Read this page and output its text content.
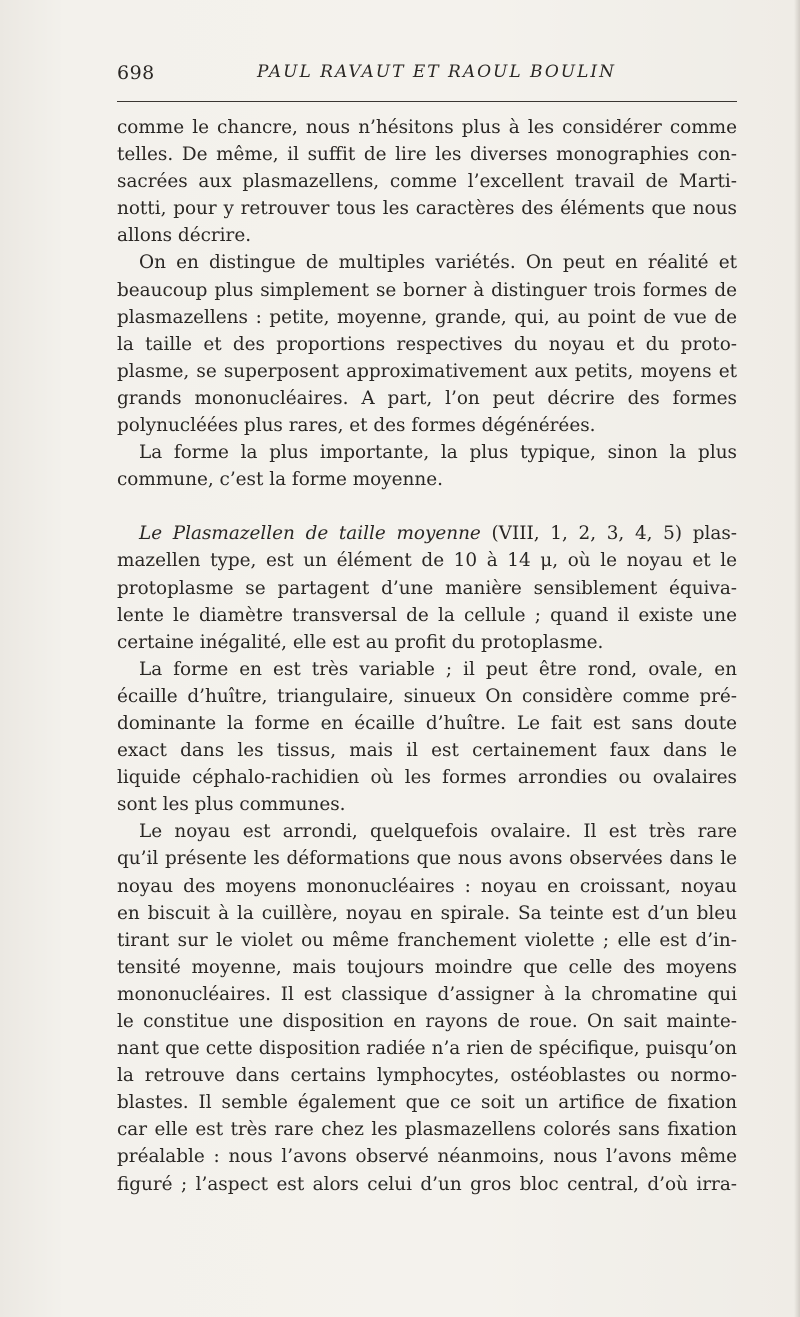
698	PAUL RAVAUT ET RAOUL BOULIN
comme le chancre, nous n’hésitons plus à les considérer comme
telles. De même, il suffit de lire les diverses monographies con-
sacrées aux plasmazellens, comme l’excellent travail de Marti-
notti, pour y retrouver tous les caractères des éléments que nous
allons décrire.
On en distingue de multiples variétés. On peut en réalité et
beaucoup plus simplement se borner à distinguer trois formes de
plasmazellens : petite, moyenne, grande, qui, au point de vue de
la taille et des proportions respectives du noyau et du proto-
plasme, se superposent approximativement aux petits, moyens et
grands mononucléaires. A part, l’on peut décrire des formes
polynucléées plus rares, et des formes dégénérées.
La forme la plus importante, la plus typique, sinon la plus
commune, c’est la forme moyenne.
Le Plasmazellen de taille moyenne (VIII, 1, 2, 3, 4, 5) plas-
mazellen type, est un élément de 10 à 14 μ, où le noyau et le
protoplasme se partagent d’une manière sensiblement équiva-
lente le diamètre transversal de la cellule ; quand il existe une
certaine inégalité, elle est au profit du protoplasme.
La forme en est très variable ; il peut être rond, ovale, en
écaille d’huître, triangulaire, sinueux On considère comme pré-
dominante la forme en écaille d’huître. Le fait est sans doute
exact dans les tissus, mais il est certainement faux dans le
liquide céphalo-rachidien où les formes arrondies ou ovalaires
sont les plus communes.
Le noyau est arrondi, quelquefois ovalaire. Il est très rare
qu’il présente les déformations que nous avons observées dans le
noyau des moyens mononucléaires : noyau en croissant, noyau
en biscuit à la cuillère, noyau en spirale. Sa teinte est d’un bleu
tirant sur le violet ou même franchement violette ; elle est d’in-
tensité moyenne, mais toujours moindre que celle des moyens
mononucléaires. Il est classique d’assigner à la chromatine qui
le constitue une disposition en rayons de roue. On sait mainte-
nant que cette disposition radiée n’a rien de spécifique, puisqu’on
la retrouve dans certains lymphocytes, ostéoblastes ou normo-
blastes. Il semble également que ce soit un artifice de fixation
car elle est très rare chez les plasmazellens colorés sans fixation
préalable : nous l’avons observé néanmoins, nous l’avons même
figuré ; l’aspect est alors celui d’un gros bloc central, d’où irra-
